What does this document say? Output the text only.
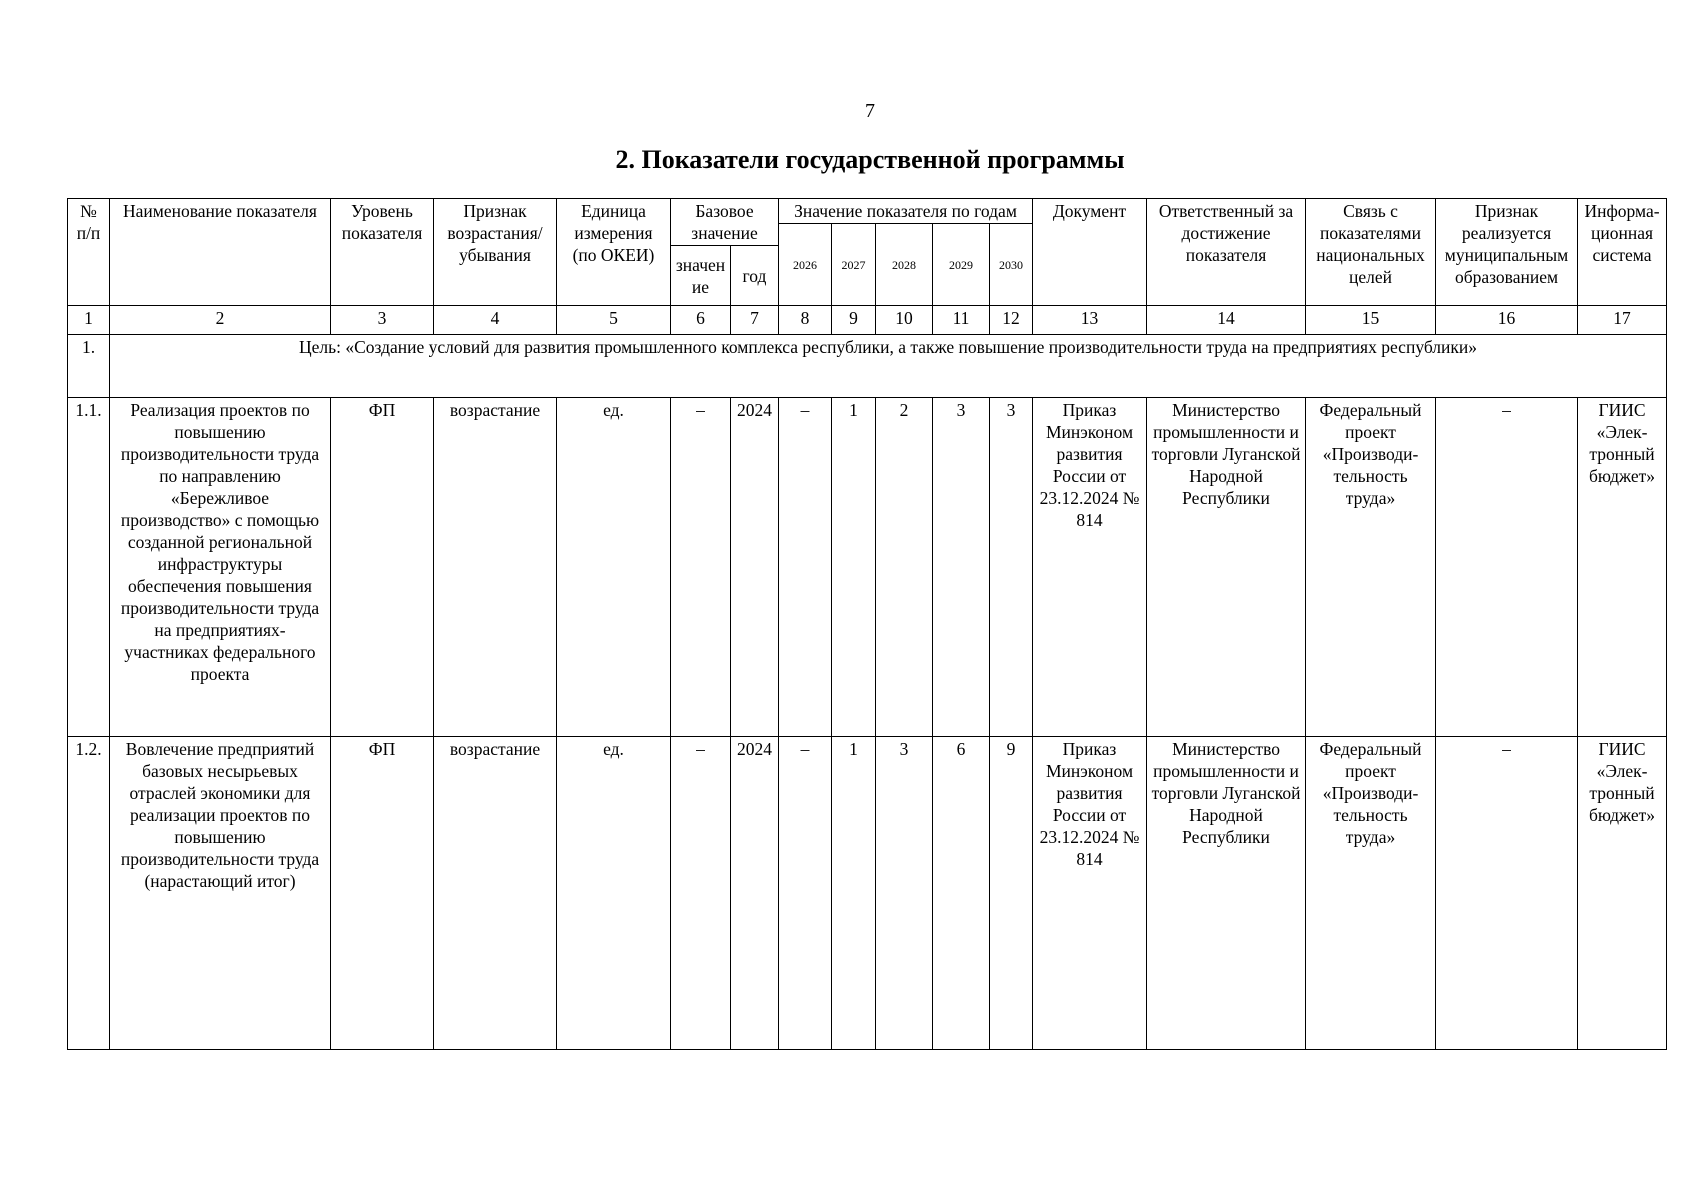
7
2. Показатели государственной программы
№ п/п	Наименование показателя	Уровень показателя	Признак возрастания/ убывания	Единица измерения (по ОКЕИ)	Базовое значение		Значение показателя по годам					Документ	Ответственный за достижение показателя	Связь с показателями национальных целей	Признак реализуется муниципальным образованием	Информа-ционная система
							2026	2027	2028	2029	2030					
					значен ие	год										
1	2	3	4	5	6	7	8	9	10	11	12	13	14	15	16	17
1.	Цель: «Создание условий для развития промышленного комплекса республики, а также повышение производительности труда на предприятиях республики»															
1.1.	Реализация проектов по повышению производительности труда по направлению «Бережливое производство» с помощью созданной региональной инфраструктуры обеспечения повышения производительности труда на предприятиях-участниках федерального проекта	ФП	возрастание	ед.	–	2024	–	1	2	3	3	Приказ Минэконом развития России от 23.12.2024 № 814	Министерство промышленности и торговли Луганской Народной Республики	Федеральный проект «Производи-тельность труда»	–	ГИИС «Элек-тронный бюджет»
1.2.	Вовлечение предприятий базовых несырьевых отраслей экономики для реализации проектов по повышению производительности труда (нарастающий итог)	ФП	возрастание	ед.	–	2024	–	1	3	6	9	Приказ Минэконом развития России от 23.12.2024 № 814	Министерство промышленности и торговли Луганской Народной Республики	Федеральный проект «Производи-тельность труда»	–	ГИИС «Элек-тронный бюджет»
